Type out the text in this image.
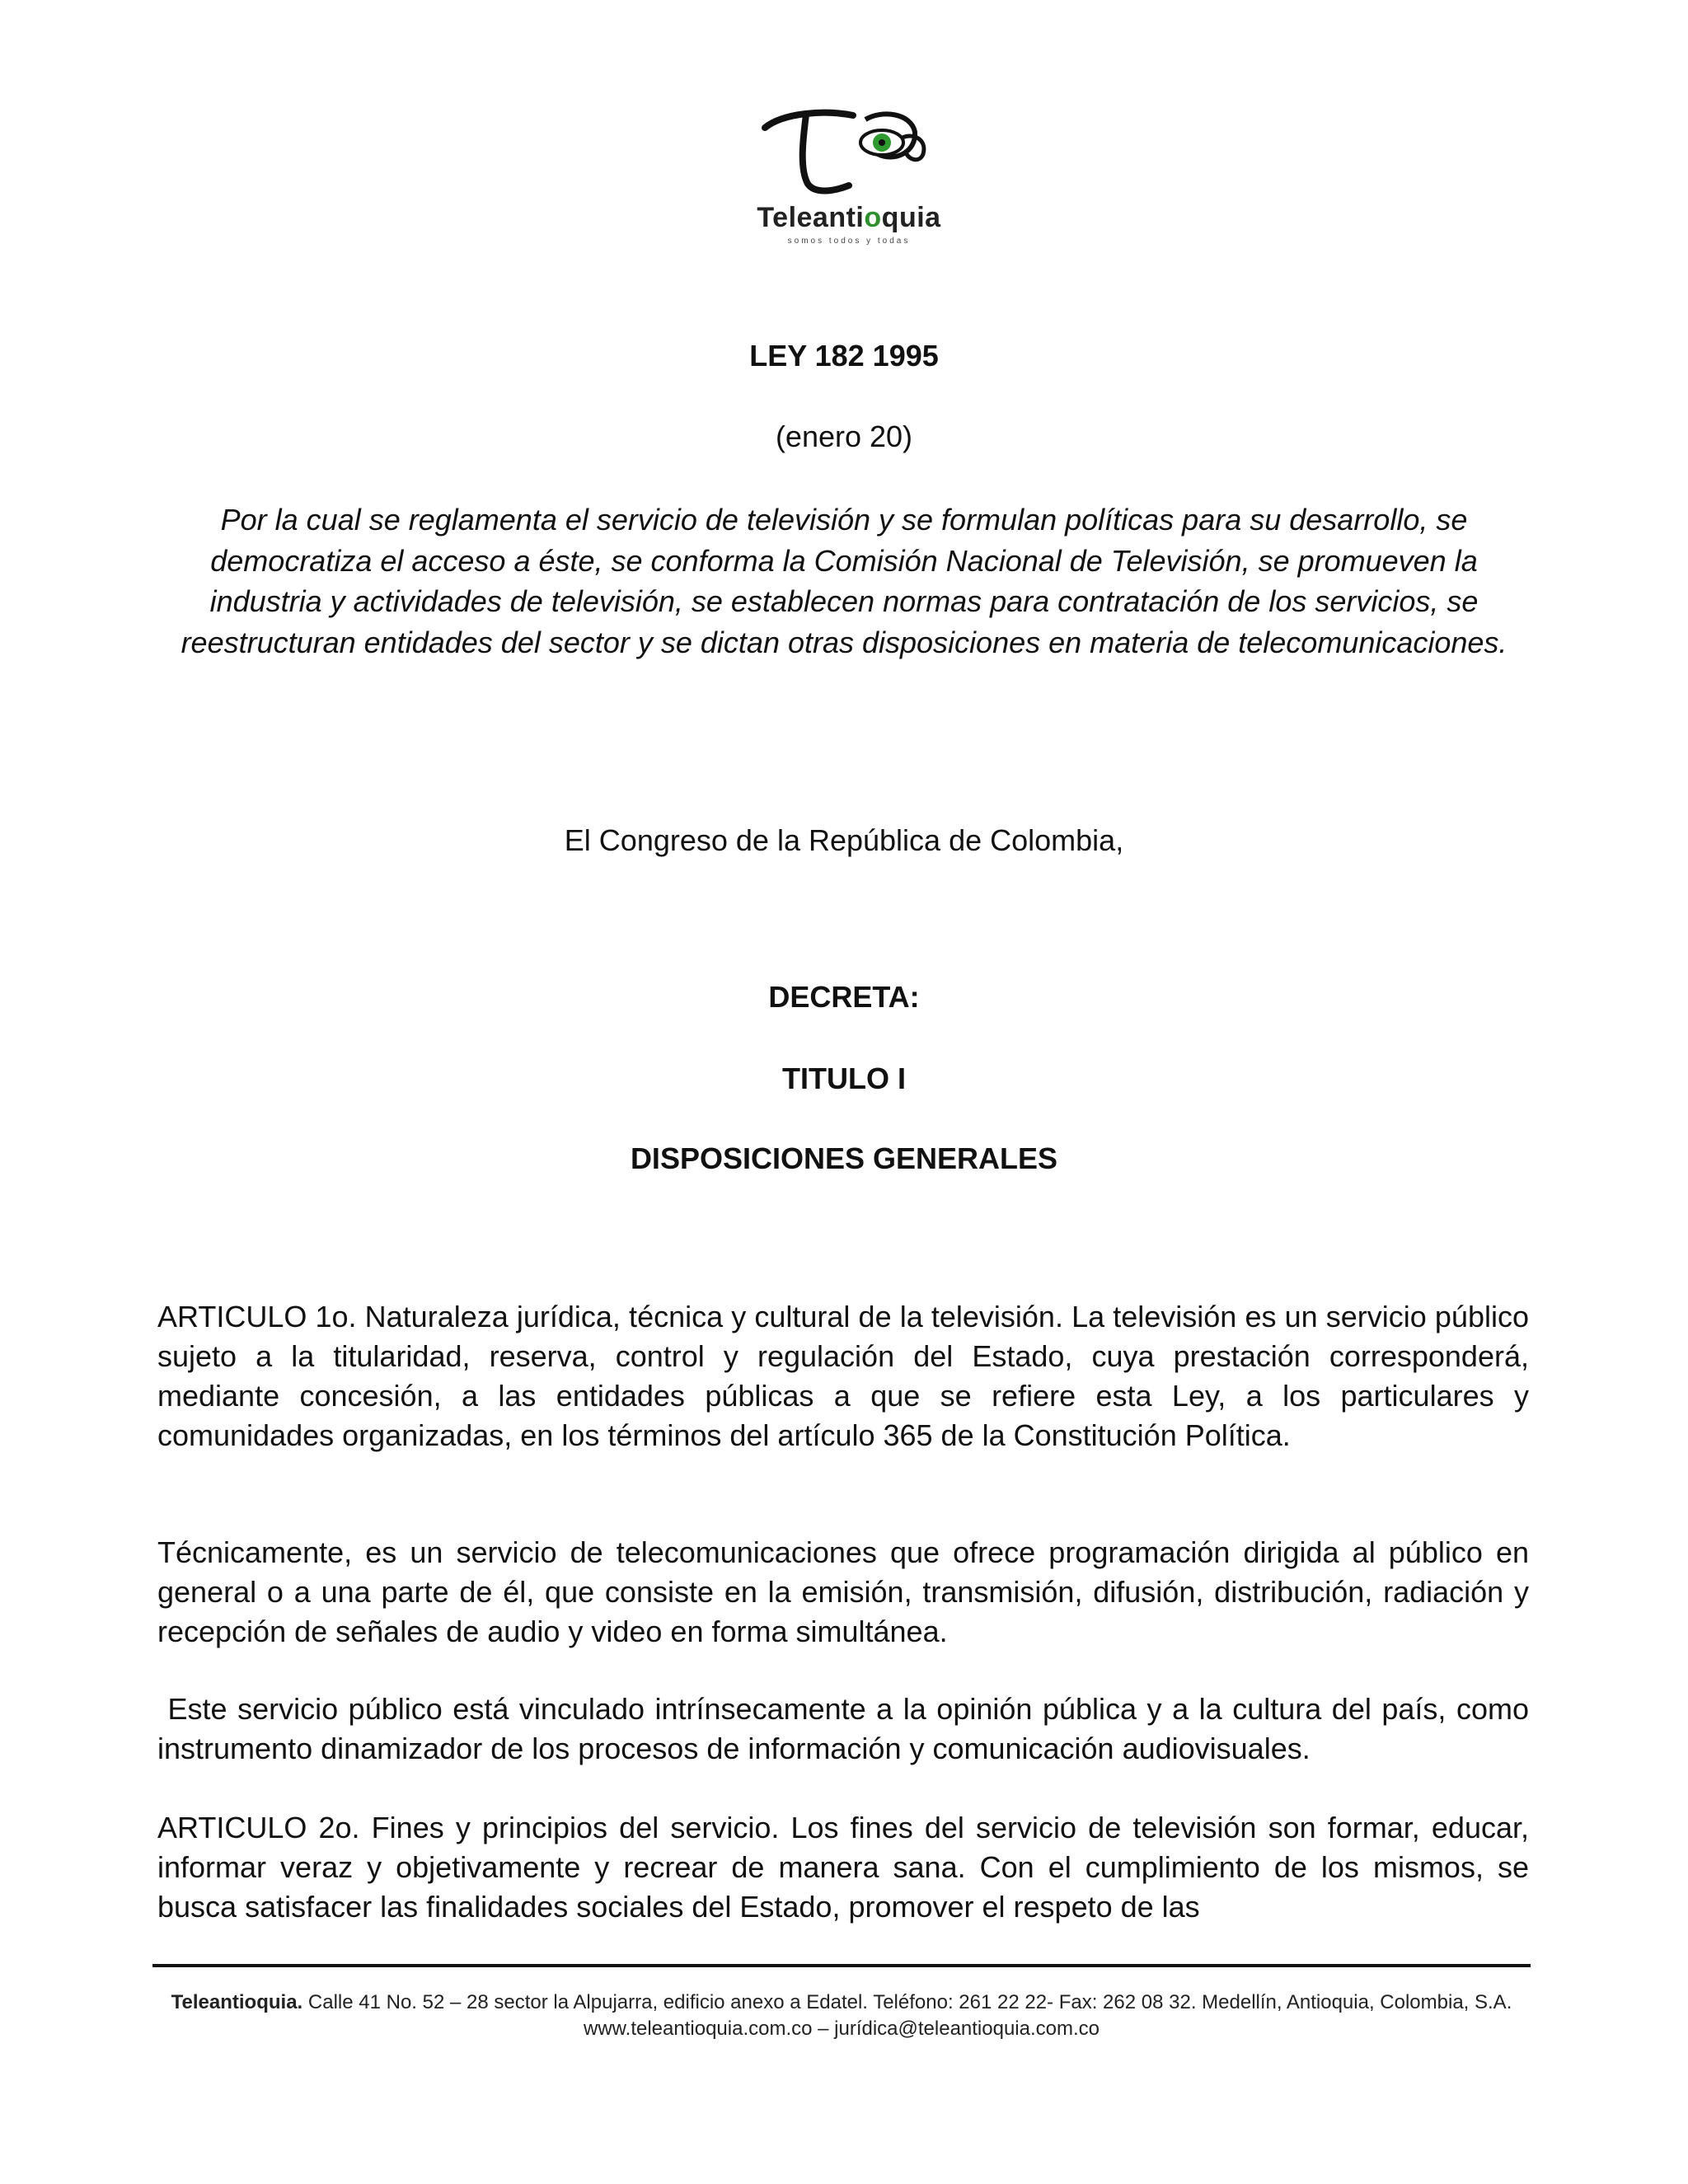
Teleantioquia
somos todos y todas
LEY 182 1995
(enero 20)
Por la cual se reglamenta el servicio de televisión y se formulan políticas para su desarrollo, se democratiza el acceso a éste, se conforma la Comisión Nacional de Televisión, se promueven la industria y actividades de televisión, se establecen normas para contratación de los servicios, se reestructuran entidades del sector y se dictan otras disposiciones en materia de telecomunicaciones.
El Congreso de la República de Colombia,
DECRETA:
TITULO I
DISPOSICIONES GENERALES

ARTICULO 1o. Naturaleza jurídica, técnica y cultural de la televisión. La televisión es un servicio público sujeto a la titularidad, reserva, control y regulación del Estado, cuya prestación corresponderá, mediante concesión, a las entidades públicas a que se refiere esta Ley, a los particulares y comunidades organizadas, en los términos del artículo 365 de la Constitución Política.

Técnicamente, es un servicio de telecomunicaciones que ofrece programación dirigida al público en general o a una parte de él, que consiste en la emisión, transmisión, difusión, distribución, radiación y recepción de señales de audio y video en forma simultánea.

Este servicio público está vinculado intrínsecamente a la opinión pública y a la cultura del país, como instrumento dinamizador de los procesos de información y comunicación audiovisuales.

ARTICULO 2o. Fines y principios del servicio. Los fines del servicio de televisión son formar, educar, informar veraz y objetivamente y recrear de manera sana. Con el cumplimiento de los mismos, se busca satisfacer las finalidades sociales del Estado, promover el respeto de las

Teleantioquia. Calle 41 No. 52 – 28 sector la Alpujarra, edificio anexo a Edatel. Teléfono: 261 22 22- Fax: 262 08 32. Medellín, Antioquia, Colombia, S.A.
www.teleantioquia.com.co – jurídica@teleantioquia.com.co
